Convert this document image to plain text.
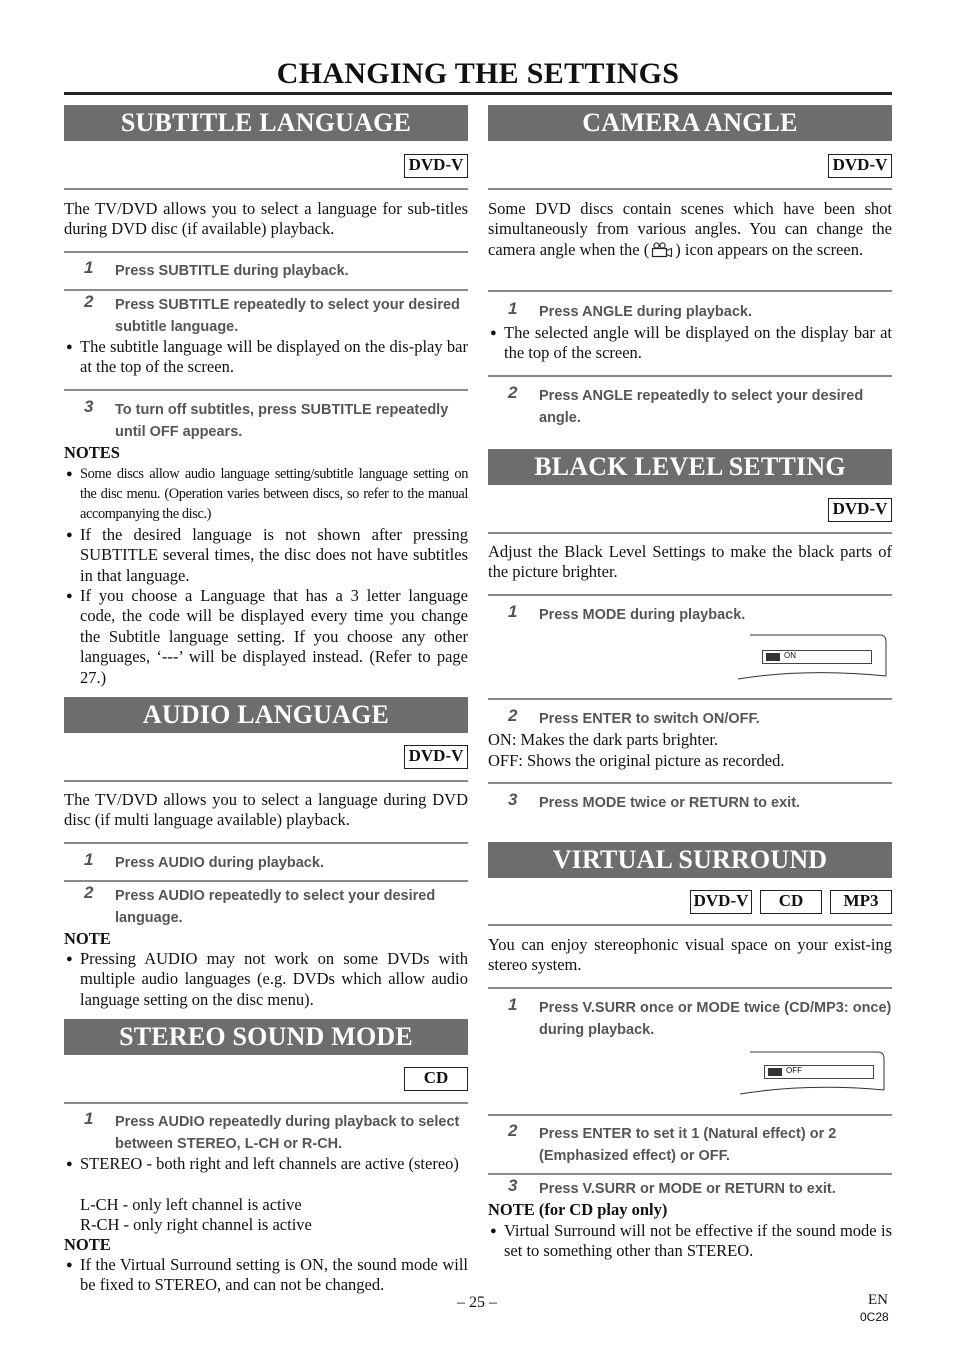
CHANGING THE SETTINGS
SUBTITLE LANGUAGE
DVD-V
The TV/DVD allows you to select a language for sub-titles during DVD disc (if available) playback.
1	Press SUBTITLE during playback.
2	Press SUBTITLE repeatedly to select your desired subtitle language.
● The subtitle language will be displayed on the dis-play bar at the top of the screen.
3	To turn off subtitles, press SUBTITLE repeatedly until OFF appears.
NOTES
● Some discs allow audio language setting/subtitle language setting on the disc menu. (Operation varies between discs, so refer to the manual accompanying the disc.)
● If the desired language is not shown after pressing SUBTITLE several times, the disc does not have subtitles in that language.
● If you choose a Language that has a 3 letter language code, the code will be displayed every time you change the Subtitle language setting. If you choose any other languages, ‘---’ will be displayed instead. (Refer to page 27.)
AUDIO LANGUAGE
DVD-V
The TV/DVD allows you to select a language during DVD disc (if multi language available) playback.
1	Press AUDIO during playback.
2	Press AUDIO repeatedly to select your desired language.
NOTE
● Pressing AUDIO may not work on some DVDs with multiple audio languages (e.g. DVDs which allow audio language setting on the disc menu).
STEREO SOUND MODE
CD
1	Press AUDIO repeatedly during playback to select between STEREO, L-CH or R-CH.
● STEREO - both right and left channels are active (stereo)
L-CH - only left channel is active
R-CH - only right channel is active
NOTE
● If the Virtual Surround setting is ON, the sound mode will be fixed to STEREO, and can not be changed.
CAMERA ANGLE
DVD-V
Some DVD discs contain scenes which have been shot simultaneously from various angles. You can change the camera angle when the ( ) icon appears on the screen.
1	Press ANGLE during playback.
● The selected angle will be displayed on the display bar at the top of the screen.
2	Press ANGLE repeatedly to select your desired angle.
BLACK LEVEL SETTING
DVD-V
Adjust the Black Level Settings to make the black parts of the picture brighter.
1	Press MODE during playback.
ON
2	Press ENTER to switch ON/OFF.
ON: Makes the dark parts brighter.
OFF: Shows the original picture as recorded.
3	Press MODE twice or RETURN to exit.
VIRTUAL SURROUND
DVD-V	CD	MP3
You can enjoy stereophonic visual space on your exist-ing stereo system.
1	Press V.SURR once or MODE twice (CD/MP3: once) during playback.
OFF
2	Press ENTER to set it 1 (Natural effect) or 2 (Emphasized effect) or OFF.
3	Press V.SURR or MODE or RETURN to exit.
NOTE (for CD play only)
● Virtual Surround will not be effective if the sound mode is set to something other than STEREO.
– 25 –	EN
0C28
